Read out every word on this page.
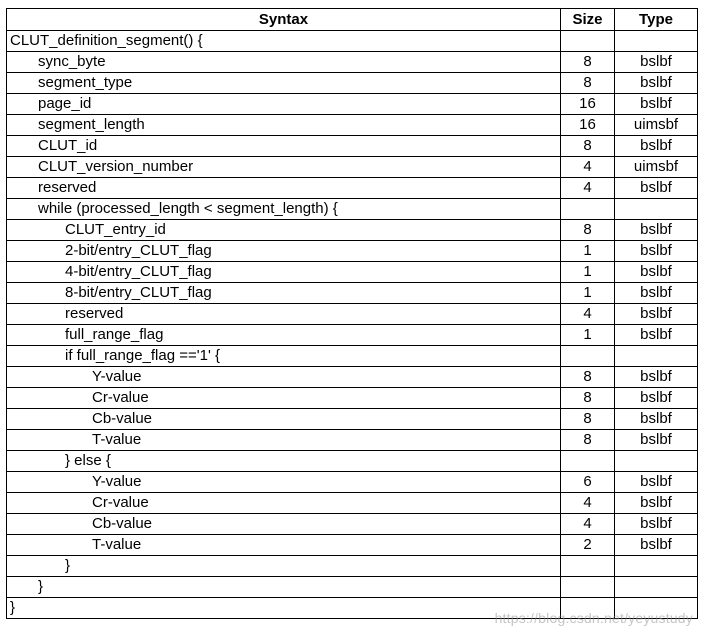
Syntax	Size	Type
CLUT_definition_segment() {		
sync_byte	8	bslbf
segment_type	8	bslbf
page_id	16	bslbf
segment_length	16	uimsbf
CLUT_id	8	bslbf
CLUT_version_number	4	uimsbf
reserved	4	bslbf
while (processed_length < segment_length) {		
CLUT_entry_id	8	bslbf
2-bit/entry_CLUT_flag	1	bslbf
4-bit/entry_CLUT_flag	1	bslbf
8-bit/entry_CLUT_flag	1	bslbf
reserved	4	bslbf
full_range_flag	1	bslbf
if full_range_flag =='1' {		
Y-value	8	bslbf
Cr-value	8	bslbf
Cb-value	8	bslbf
T-value	8	bslbf
} else {		
Y-value	6	bslbf
Cr-value	4	bslbf
Cb-value	4	bslbf
T-value	2	bslbf
}		
}		
}		
https://blog.csdn.net/yeyustudy
